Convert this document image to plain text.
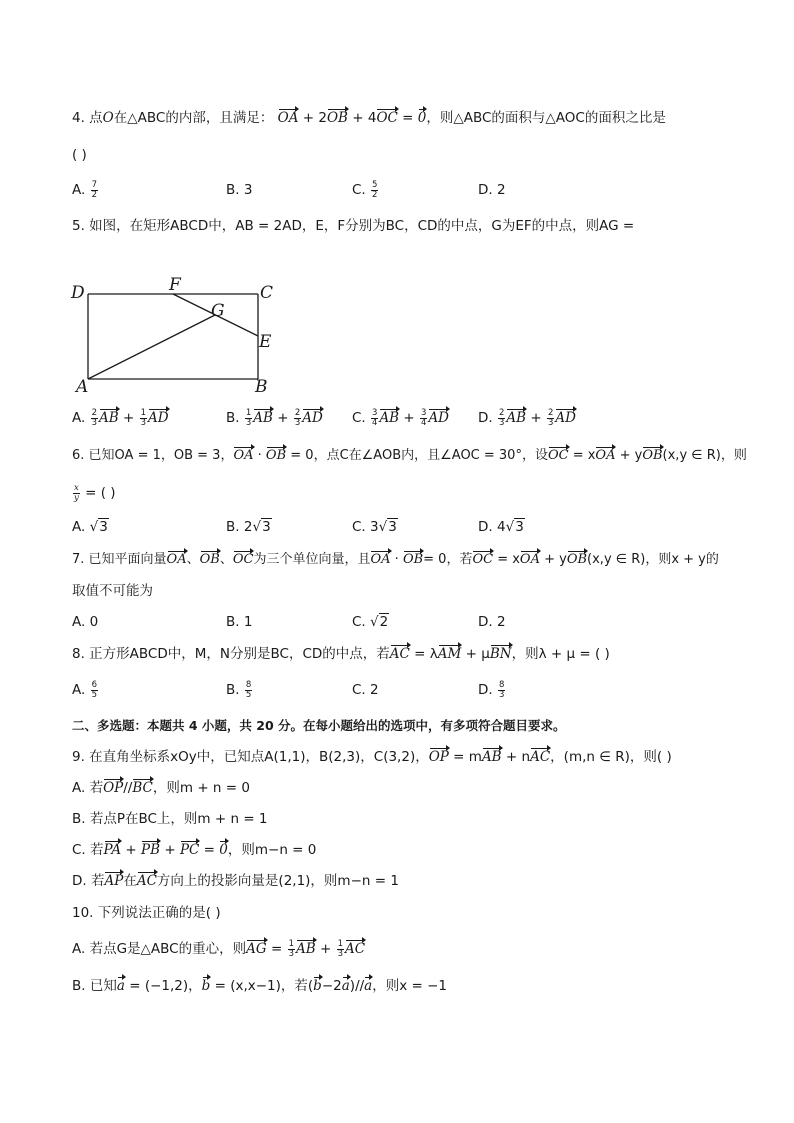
4. 点O在△ABC的内部，且满足： OA + 2OB + 4OC = 0，则△ABC的面积与△AOC的面积之比是
( )
A. $\frac{7}{2}$	B. 3	C. $\frac{5}{2}$	D. 2
5. 如图，在矩形ABCD中，AB = 2AD，E，F分别为BC，CD的中点，G为EF的中点，则AG =
D	F	C
G
E
A	B
A. $\frac{2}{3}$ AB + $\frac{1}{3}$ AD	B. $\frac{1}{3}$ AB + $\frac{2}{3}$ AD C. $\frac{3}{4}$ AB + $\frac{3}{4}$ AD D. $\frac{2}{3}$ AB + $\frac{2}{3}$ AD
6. 已知OA = 1，OB = 3，OA · OB = 0，点C在∠AOB内，且∠AOC = 30°，设OC = xOA + yOB(x,y ∈ R)，则
$\frac{x}{y}$ = ( )
A. √3	B. 2√3	C. 3√3	D. 4√3
7. 已知平面向量OA、OB、OC为三个单位向量，且OA · OB= 0，若OC = xOA + yOB(x,y ∈ R)，则x + y的
取值不可能为
A. 0	B. 1	C. √2	D. 2
8. 正方形ABCD中，M，N分别是BC，CD的中点，若AC = λAM + μBN，则λ + μ = ( )
A. $\frac{6}{5}$	B. $\frac{8}{5}$	C. 2	D. $\frac{8}{3}$
二、多选题：本题共 4 小题，共 20 分。在每小题给出的选项中，有多项符合题目要求。
9. 在直角坐标系xOy中，已知点A(1,1)，B(2,3)，C(3,2)，OP = mAB + nAC，(m,n ∈ R)，则( )
A. 若OP//BC，则m + n = 0
B. 若点P在BC上，则m + n = 1
C. 若PA + PB + PC = 0，则m−n = 0
D. 若AP在AC方向上的投影向量是(2,1)，则m−n = 1
10. 下列说法正确的是( )
A. 若点G是△ABC的重心，则AG = $\frac{1}{3}$ AB + $\frac{1}{3}$ AC
B. 已知a = (−1,2)，b = (x,x−1)，若(b−2a)//a，则x = −1
